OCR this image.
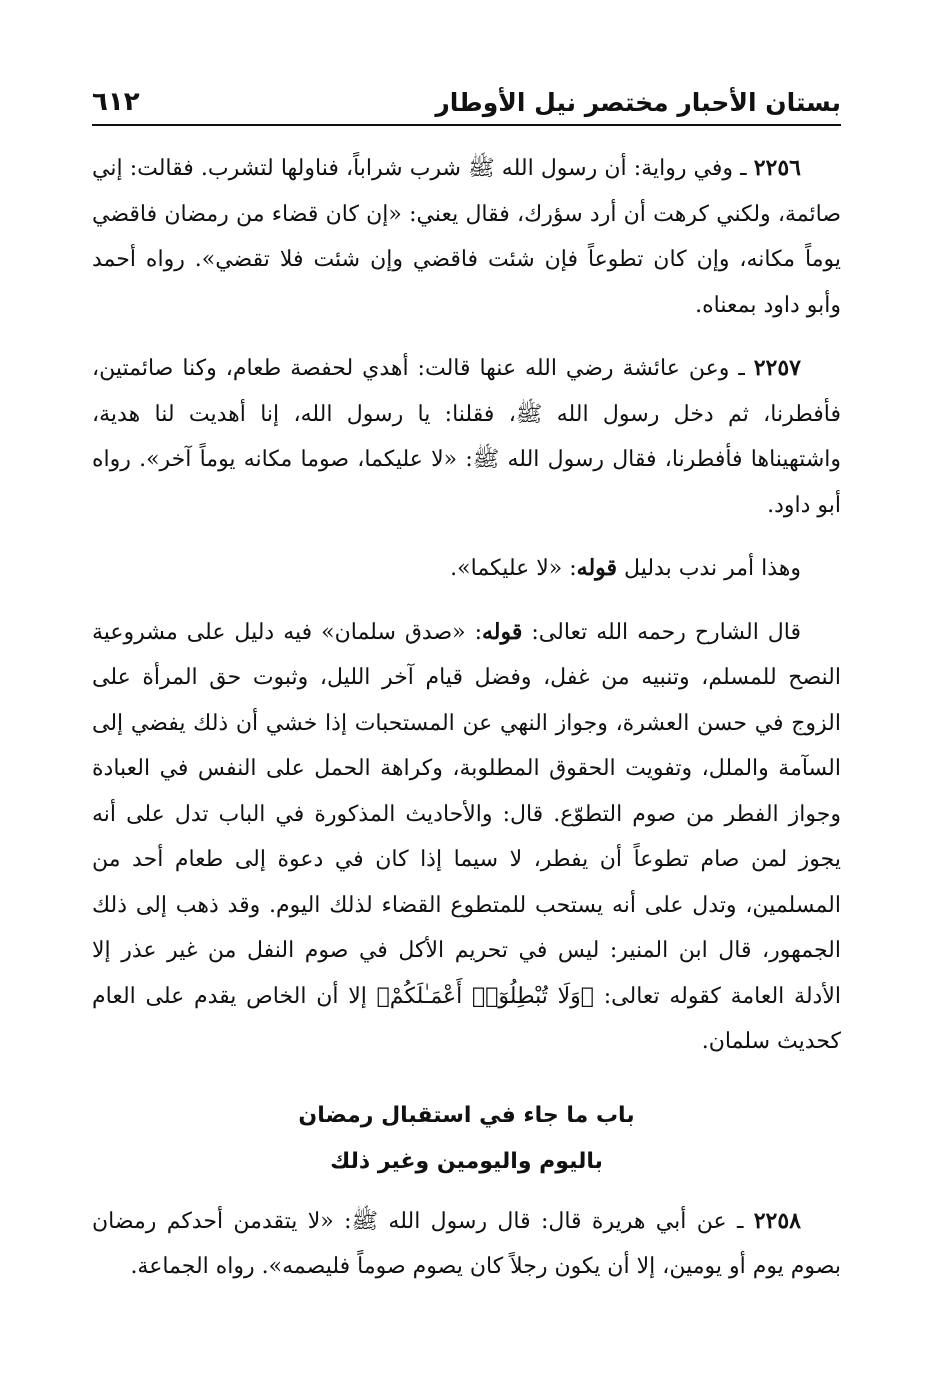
بستان الأحبار مختصر نيل الأوطار
٦١٢

٢٢٥٦ ـ وفي رواية: أن رسول الله ﷺ شرب شراباً، فناولها لتشرب. فقالت: إني صائمة، ولكني كرهت أن أرد سؤرك، فقال يعني: «إن كان قضاء من رمضان فاقضي يوماً مكانه، وإن كان تطوعاً فإن شئت فاقضي وإن شئت فلا تقضي». رواه أحمد وأبو داود بمعناه.

٢٢٥٧ ـ وعن عائشة رضي الله عنها قالت: أهدي لحفصة طعام، وكنا صائمتين، فأفطرنا، ثم دخل رسول الله ﷺ، فقلنا: يا رسول الله، إنا أهديت لنا هدية، واشتهيناها فأفطرنا، فقال رسول الله ﷺ: «لا عليكما، صوما مكانه يوماً آخر». رواه أبو داود.

وهذا أمر ندب بدليل قوله: «لا عليكما».

قال الشارح رحمه الله تعالى: قوله: «صدق سلمان» فيه دليل على مشروعية النصح للمسلم، وتنبيه من غفل، وفضل قيام آخر الليل، وثبوت حق المرأة على الزوج في حسن العشرة، وجواز النهي عن المستحبات إذا خشي أن ذلك يفضي إلى السآمة والملل، وتفويت الحقوق المطلوبة، وكراهة الحمل على النفس في العبادة وجواز الفطر من صوم التطوّع. قال: والأحاديث المذكورة في الباب تدل على أنه يجوز لمن صام تطوعاً أن يفطر، لا سيما إذا كان في دعوة إلى طعام أحد من المسلمين، وتدل على أنه يستحب للمتطوع القضاء لذلك اليوم. وقد ذهب إلى ذلك الجمهور، قال ابن المنير: ليس في تحريم الأكل في صوم النفل من غير عذر إلا الأدلة العامة كقوله تعالى: ﴿وَلَا تُبْطِلُوٓا۟ أَعْمَـٰلَكُمْ﴾ إلا أن الخاص يقدم على العام كحديث سلمان.

باب ما جاء في استقبال رمضان
باليوم واليومين وغير ذلك

٢٢٥٨ ـ عن أبي هريرة قال: قال رسول الله ﷺ: «لا يتقدمن أحدكم رمضان بصوم يوم أو يومين، إلا أن يكون رجلاً كان يصوم صوماً فليصمه». رواه الجماعة.
